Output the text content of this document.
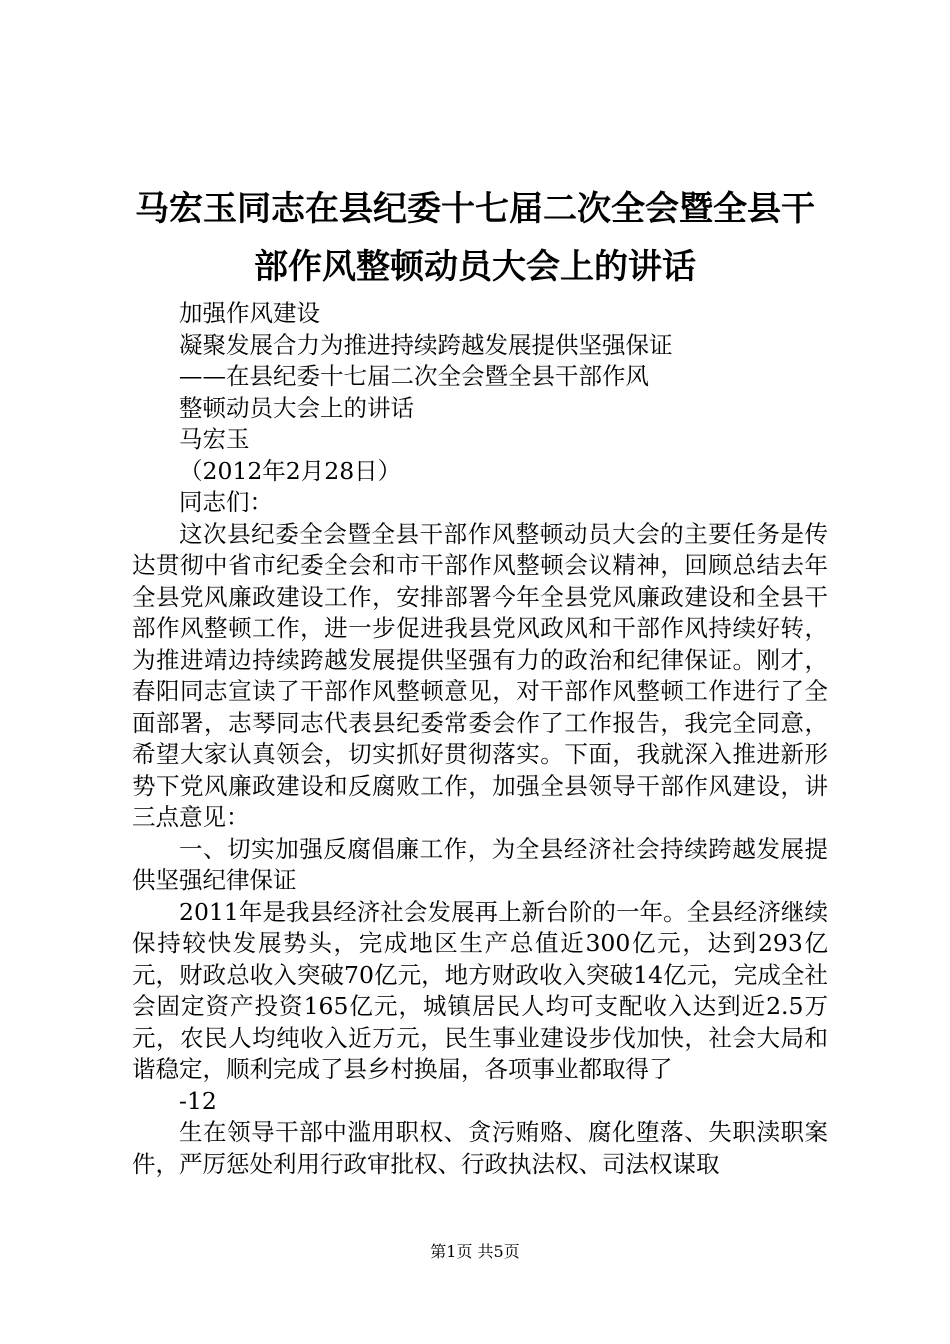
马宏玉同志在县纪委十七届二次全会暨全县干
部作风整顿动员大会上的讲话

加强作风建设

凝聚发展合力为推进持续跨越发展提供坚强保证

——在县纪委十七届二次全会暨全县干部作风

整顿动员大会上的讲话

马宏玉

（2012年2月28日）

同志们：

这次县纪委全会暨全县干部作风整顿动员大会的主要任务是传达贯彻中省市纪委全会和市干部作风整顿会议精神，回顾总结去年全县党风廉政建设工作，安排部署今年全县党风廉政建设和全县干部作风整顿工作，进一步促进我县党风政风和干部作风持续好转，为推进靖边持续跨越发展提供坚强有力的政治和纪律保证。刚才，春阳同志宣读了干部作风整顿意见，对干部作风整顿工作进行了全面部署，志琴同志代表县纪委常委会作了工作报告，我完全同意，希望大家认真领会，切实抓好贯彻落实。下面，我就深入推进新形势下党风廉政建设和反腐败工作，加强全县领导干部作风建设，讲三点意见：

一、切实加强反腐倡廉工作，为全县经济社会持续跨越发展提供坚强纪律保证

2011年是我县经济社会发展再上新台阶的一年。全县经济继续保持较快发展势头，完成地区生产总值近300亿元，达到293亿元，财政总收入突破70亿元，地方财政收入突破14亿元，完成全社会固定资产投资165亿元，城镇居民人均可支配收入达到近2.5万元，农民人均纯收入近万元，民生事业建设步伐加快，社会大局和谐稳定，顺利完成了县乡村换届，各项事业都取得了

-12

生在领导干部中滥用职权、贪污贿赂、腐化堕落、失职渎职案件，严厉惩处利用行政审批权、行政执法权、司法权谋取

第1页 共5页
